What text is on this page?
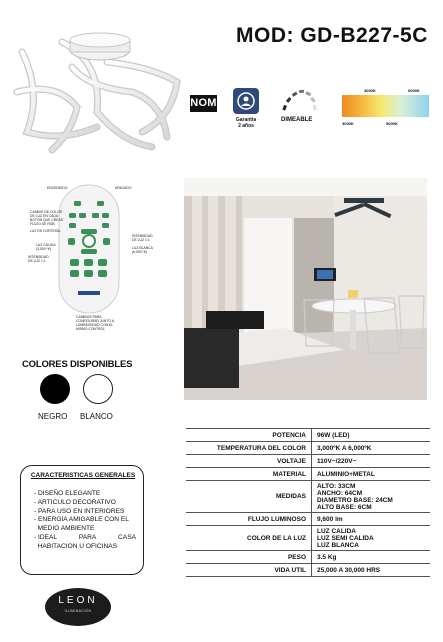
MOD: GD-B227-5C
NOM
Garantia
2 años
DIMEABLE
4000K	6000K
3000K	5000K
ENCENDIDO	APAGADO
CAMBIO DE COLOR DE LUZ EN CADA BOTÓN QUE CREAS FLUJO DE RGB
LUZ EN CORTESÍA
LUZ CÁLIDA (3,000 ºK)
INTENSIDAD DE LUZ 1:1
INTENSIDAD DE LUZ 1:1
LUZ BLANCA (6,000 ºK)
CAMBIOS PARA CONFIGURAR JUNTO A LUMINOSIDAD CON EL MISMO CONTROL
COLORES DISPONIBLES
NEGRO BLANCO
POTENCIA	96W (LED)

TEMPERATURA DEL COLOR	3,000ºK A 6,000ºK

VOLTAJE	110V~/220V~

MATERIAL	ALUMINIO+METAL

MEDIDAS	ALTO: 33CM
ANCHO: 64CM
DIAMETRO BASE: 24CM
ALTO BASE: 6CM

FLUJO LUMINOSO	9,600 lm

COLOR DE LA LUZ	LUZ CALIDA
LUZ SEMI CALIDA
LUZ BLANCA

PESO	3.5 Kg

VIDA UTIL	25,000 A 30,000 HRS
CARACTERISTICAS GENERALES
- DISEÑO ELEGANTE
- ARTICULO DECORATIVO
- PARA USO EN INTERIORES
- ENERGIA AMIGABLE CON EL
MEDIO AMBIENTE
- IDEAL	PARA	CASA
HABITACION U OFICINAS
LEON
ILUMINACIÓN
